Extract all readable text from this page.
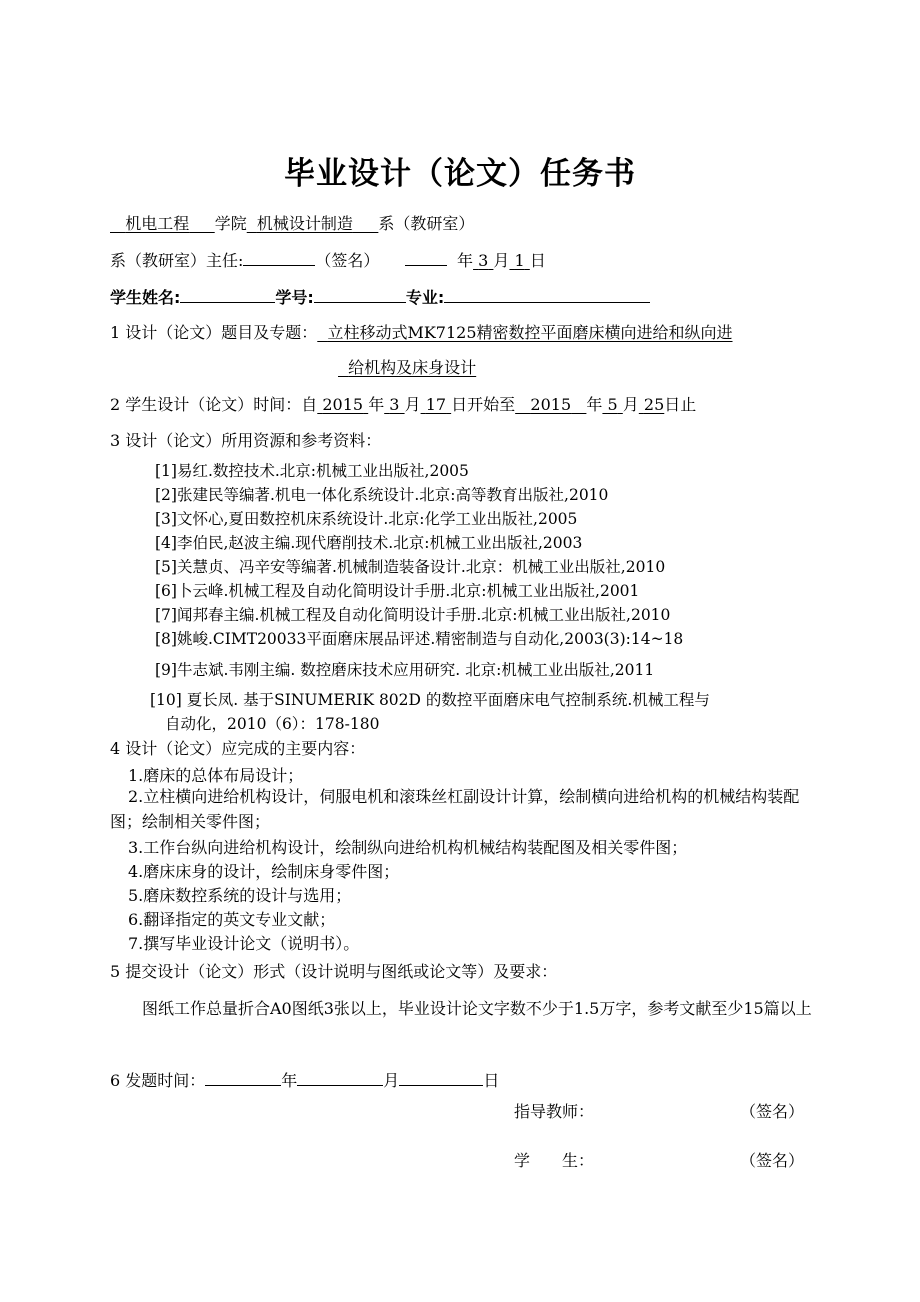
毕业设计（论文）任务书
机电工程 学院 机械设计制造 系（教研室）
系（教研室）主任:	（签名）	年 3 月 1 日
学生姓名:	学号:	专业:
1 设计（论文）题目及专题： 立柱移动式MK7125精密数控平面磨床横向进给和纵向进
给机构及床身设计
2 学生设计（论文）时间：自 2015 年 3 月 17 日开始至 2015 年 5 月 25日止
3 设计（论文）所用资源和参考资料：
[1]易红.数控技术.北京:机械工业出版社,2005
[2]张建民等编著.机电一体化系统设计.北京:高等教育出版社,2010
[3]文怀心,夏田数控机床系统设计.北京:化学工业出版社,2005
[4]李伯民,赵波主编.现代磨削技术.北京:机械工业出版社,2003
[5]关慧贞、冯辛安等编著.机械制造装备设计.北京：机械工业出版社,2010
[6]卜云峰.机械工程及自动化简明设计手册.北京:机械工业出版社,2001
[7]闻邦春主编.机械工程及自动化简明设计手册.北京:机械工业出版社,2010
[8]姚峻.CIMT20033平面磨床展品评述.精密制造与自动化,2003(3):14~18
[9]牛志斌.韦刚主编. 数控磨床技术应用研究. 北京:机械工业出版社,2011
[10] 夏长凤. 基于SINUMERIK 802D 的数控平面磨床电气控制系统.机械工程与
自动化，2010（6）：178-180
4 设计（论文）应完成的主要内容：
1.磨床的总体布局设计；
2.立柱横向进给机构设计，伺服电机和滚珠丝杠副设计计算，绘制横向进给机构的机械结构装配图；绘制相关零件图；
3.工作台纵向进给机构设计，绘制纵向进给机构机械结构装配图及相关零件图；
4.磨床床身的设计，绘制床身零件图；
5.磨床数控系统的设计与选用；
6.翻译指定的英文专业文献；
7.撰写毕业设计论文（说明书）。
5 提交设计（论文）形式（设计说明与图纸或论文等）及要求：
图纸工作总量折合A0图纸3张以上，毕业设计论文字数不少于1.5万字，参考文献至少15篇以上
6 发题时间：	年	月	日
指导教师：	（签名）
学　　生：	（签名）
